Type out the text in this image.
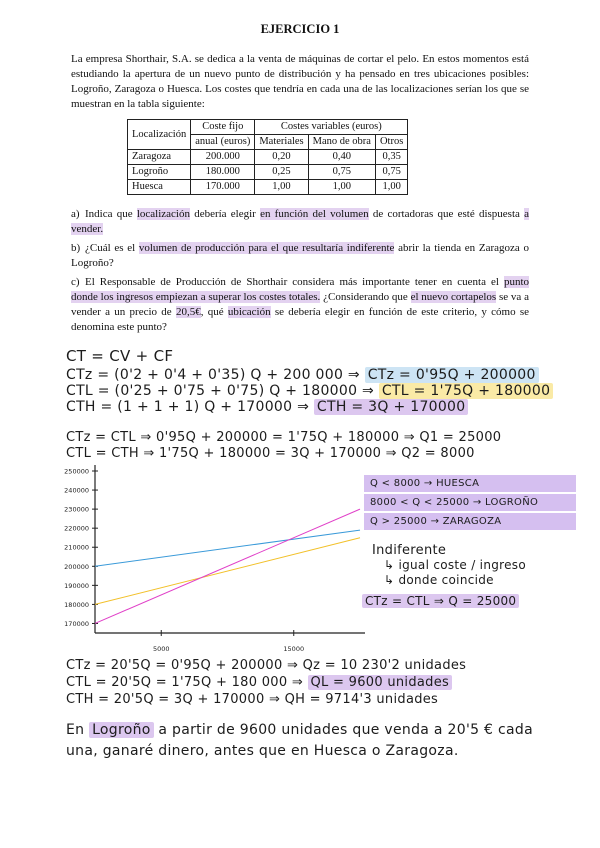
EJERCICIO 1

La empresa Shorthair, S.A. se dedica a la venta de máquinas de cortar el pelo. En estos momentos está estudiando la apertura de un nuevo punto de distribución y ha pensado en tres ubicaciones posibles: Logroño, Zaragoza o Huesca. Los costes que tendría en cada una de las localizaciones serían los que se muestran en la tabla siguiente:

Localización	Coste fijo	Costes variables (euros)		
	anual (euros)	Materiales	Mano de obra	Otros
Zaragoza	200.000	0,20	0,40	0,35
Logroño	180.000	0,25	0,75	0,75
Huesca	170.000	1,00	1,00	1,00

a) Indica que localización debería elegir en función del volumen de cortadoras que esté dispuesta a vender.

b) ¿Cuál es el volumen de producción para el que resultaría indiferente abrir la tienda en Zaragoza o Logroño?

c) El Responsable de Producción de Shorthair considera más importante tener en cuenta el punto donde los ingresos empiezan a superar los costes totales. ¿Considerando que el nuevo cortapelos se va a vender a un precio de 20,5€, qué ubicación se debería elegir en función de este criterio, y cómo se denomina este punto?

CT = CV + CF
CTz = (0'2 + 0'4 + 0'35) Q + 200 000 ⇒ CTz = 0'95Q + 200000
CTL = (0'25 + 0'75 + 0'75) Q + 180000 ⇒ CTL = 1'75Q + 180000
CTH = (1 + 1 + 1) Q + 170000 ⇒ CTH = 3Q + 170000
CTz = CTL ⇒ 0'95Q + 200000 = 1'75Q + 180000 ⇒ Q1 = 25000
CTL = CTH ⇒ 1'75Q + 180000 = 3Q + 170000 ⇒ Q2 = 8000
170000
180000
190000
200000
210000
220000
230000
240000
250000
5000	15000
Q < 8000 → HUESCA
8000 < Q < 25000 → LOGROÑO
Q > 25000 → ZARAGOZA
Indiferente

↳ igual coste / ingreso
↳ donde coincide
CTz = CTL ⇒ Q = 25000
CTz = 20'5Q = 0'95Q + 200000 ⇒ Qz = 10 230'2 unidades
CTL = 20'5Q = 1'75Q + 180 000 ⇒ QL = 9600 unidades
CTH = 20'5Q = 3Q + 170000 ⇒ QH = 9714'3 unidades

En Logroño a partir de 9600 unidades que venda a 20'5 € cada una, ganaré dinero, antes que en Huesca o Zaragoza.
